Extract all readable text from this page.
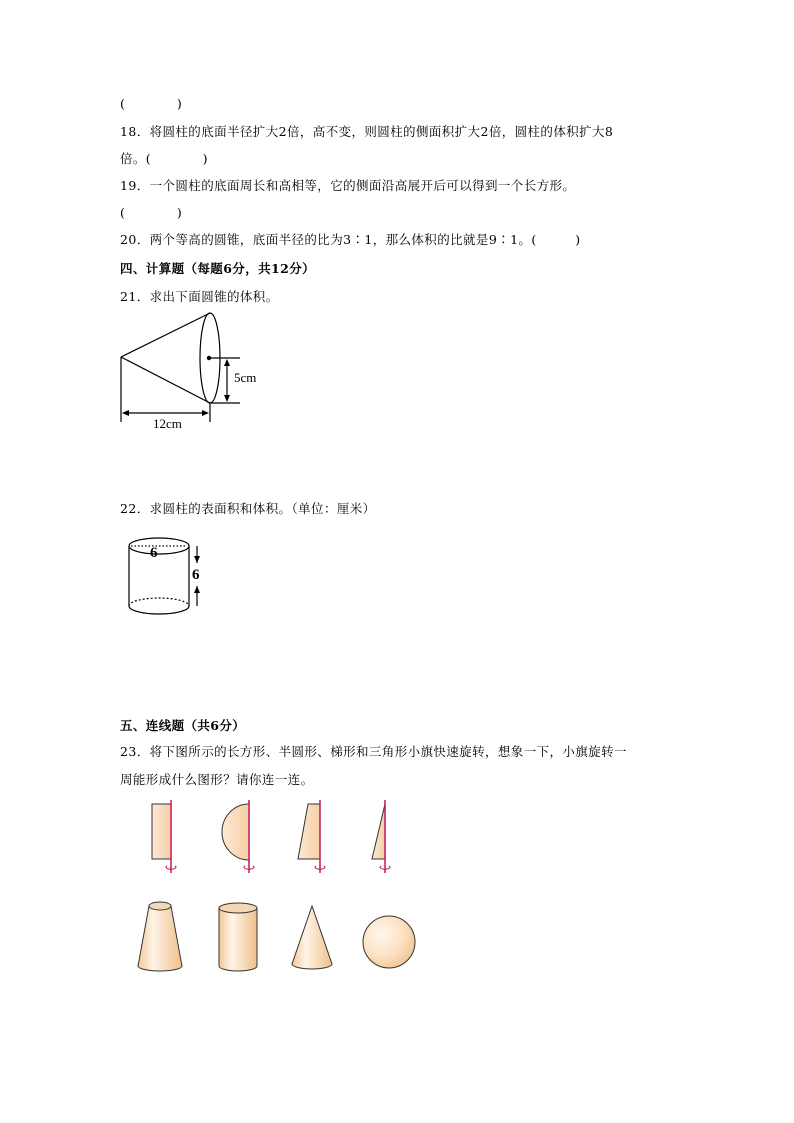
(　　　　)
18．将圆柱的底面半径扩大2倍，高不变，则圆柱的侧面积扩大2倍，圆柱的体积扩大8
倍。(　　　　)
19．一个圆柱的底面周长和高相等，它的侧面沿高展开后可以得到一个长方形。
(　　　　)
20．两个等高的圆锥，底面半径的比为3∶1，那么体积的比就是9∶1。(　　　)
四、计算题（每题6分，共12分）
21．求出下面圆锥的体积。
22．求圆柱的表面积和体积。（单位：厘米）
五、连线题（共6分）
23．将下图所示的长方形、半圆形、梯形和三角形小旗快速旋转，想象一下，小旗旋转一
周能形成什么图形？请你连一连。
5cm
12cm
6
6
